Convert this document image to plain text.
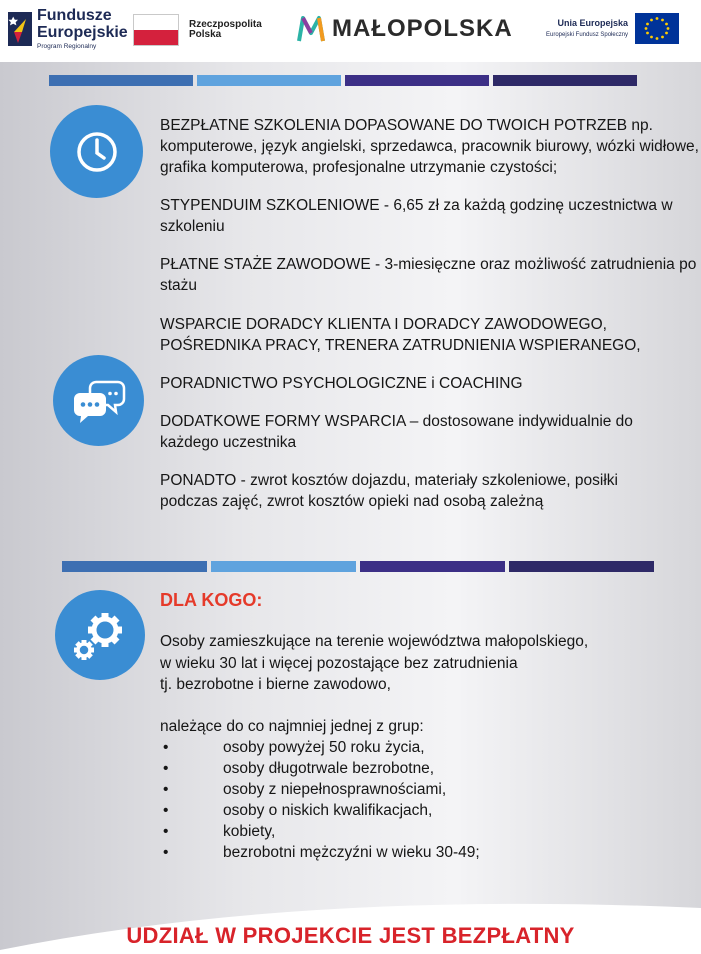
Fundusze
Europejskie
Program Regionalny
Rzeczpospolita
Polska	MAŁOPOLSKA	Unia Europejska
Europejski Fundusz Społeczny

BEZPŁATNE SZKOLENIA DOPASOWANE DO TWOICH POTRZEB np. komputerowe, język angielski, sprzedawca, pracownik biurowy, wózki widłowe, grafika komputerowa, profesjonalne utrzymanie czystości;

STYPENDUIM SZKOLENIOWE - 6,65 zł za każdą godzinę uczestnictwa w szkoleniu

PŁATNE STAŻE ZAWODOWE - 3-miesięczne oraz możliwość zatrudnienia po stażu

WSPARCIE DORADCY KLIENTA I DORADCY ZAWODOWEGO, POŚREDNIKA PRACY, TRENERA ZATRUDNIENIA WSPIERANEGO,

PORADNICTWO PSYCHOLOGICZNE i COACHING

DODATKOWE FORMY WSPARCIA – dostosowane indywidualnie do każdego uczestnika

PONADTO - zwrot kosztów dojazdu, materiały szkoleniowe, posiłki podczas zajęć, zwrot kosztów opieki nad osobą zależną

DLA KOGO:
Osoby zamieszkujące na terenie województwa małopolskiego,
w wieku 30 lat i więcej pozostające bez zatrudnienia
tj. bezrobotne i bierne zawodowo,
należące do co najmniej jednej z grup:
•	osoby powyżej 50 roku życia,
•	osoby długotrwale bezrobotne,
•	osoby z niepełnosprawnościami,
•	osoby o niskich kwalifikacjach,
•	kobiety,
•	bezrobotni mężczyźni w wieku 30-49;
UDZIAŁ W PROJEKCIE JEST BEZPŁATNY
